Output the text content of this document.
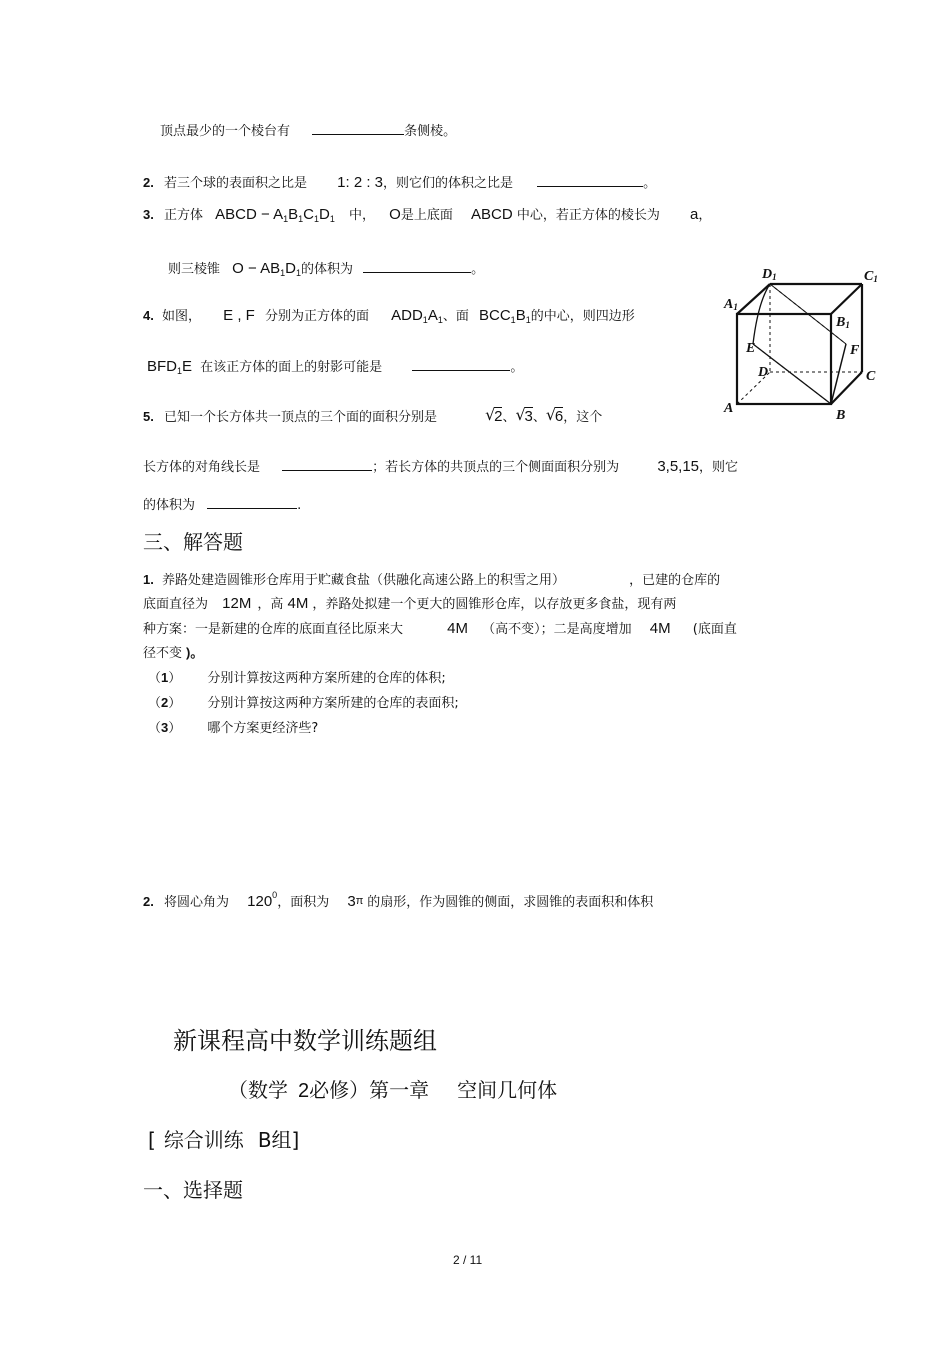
顶点最少的一个棱台有	条侧棱。
2. 若三个球的表面积之比是 1: 2 : 3，则它们的体积之比是	。
3. 正方体 ABCD − $A_1B_1C_1D_1$ 中， O是上底面 ABCD 中心，若正方体的棱长为 a，
则三棱锥 $O - AB_1D_1$的体积为	。
4. 如图， E , F 分别为正方体的面 $ADD_1A_1$、面 $BCC_1B_1$的中心，则四边形
$BFD_1E$ 在该正方体的面上的射影可能是	。
5. 已知一个长方体共一顶点的三个面的面积分别是	√ 2、 √ 3、 √ 6，这个
长方体的对角线长是	；若长方体的共顶点的三个侧面面积分别为	3,5,15，则它
的体积为	.
D1	C1
A1
B1
E	F
D	C
A	B
三、解答题
1. 养路处建造圆锥形仓库用于贮藏食盐（供融化高速公路上的积雪之用）	，已建的仓库的
底面直径为 12M ，高 4M ，养路处拟建一个更大的圆锥形仓库，以存放更多食盐，现有两
种方案：一是新建的仓库的底面直径比原来大	4M （高不变）；二是高度增加 4M (底面直
径不变 )。
（1） 分别计算按这两种方案所建的仓库的体积;
（2） 分别计算按这两种方案所建的仓库的表面积;
（3） 哪个方案更经济些?
2. 将圆心角为 $120^0$，面积为 3π 的扇形，作为圆锥的侧面，求圆锥的表面积和体积
新课程高中数学训练题组
（数学 2必修）第一章 空间几何体
[ 综合训练 B组]
一、选择题
2 / 11
